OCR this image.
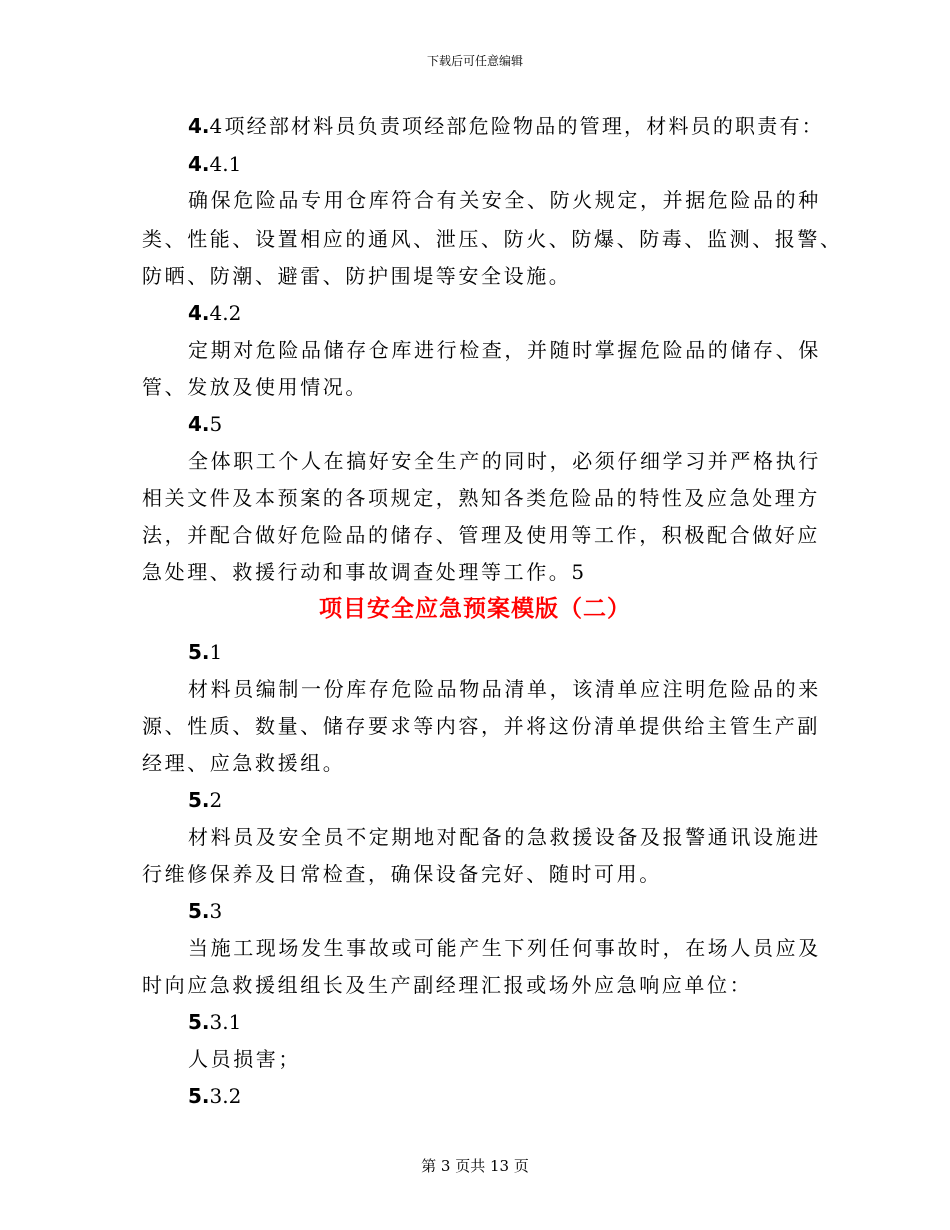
下载后可任意编辑
4.4项经部材料员负责项经部危险物品的管理，材料员的职责有：
4.4.1
确保危险品专用仓库符合有关安全、防火规定，并据危险品的种
类、性能、设置相应的通风、泄压、防火、防爆、防毒、监测、报警、
防晒、防潮、避雷、防护围堤等安全设施。
4.4.2
定期对危险品储存仓库进行检查，并随时掌握危险品的储存、保
管、发放及使用情况。
4.5
全体职工个人在搞好安全生产的同时，必须仔细学习并严格执行
相关文件及本预案的各项规定，熟知各类危险品的特性及应急处理方
法，并配合做好危险品的储存、管理及使用等工作，积极配合做好应
急处理、救援行动和事故调查处理等工作。5
项目安全应急预案模版（二）
5.1
材料员编制一份库存危险品物品清单，该清单应注明危险品的来
源、性质、数量、储存要求等内容，并将这份清单提供给主管生产副
经理、应急救援组。
5.2
材料员及安全员不定期地对配备的急救援设备及报警通讯设施进
行维修保养及日常检查，确保设备完好、随时可用。
5.3
当施工现场发生事故或可能产生下列任何事故时，在场人员应及
时向应急救援组组长及生产副经理汇报或场外应急响应单位：
5.3.1
人员损害；
5.3.2
第 3 页共 13 页
